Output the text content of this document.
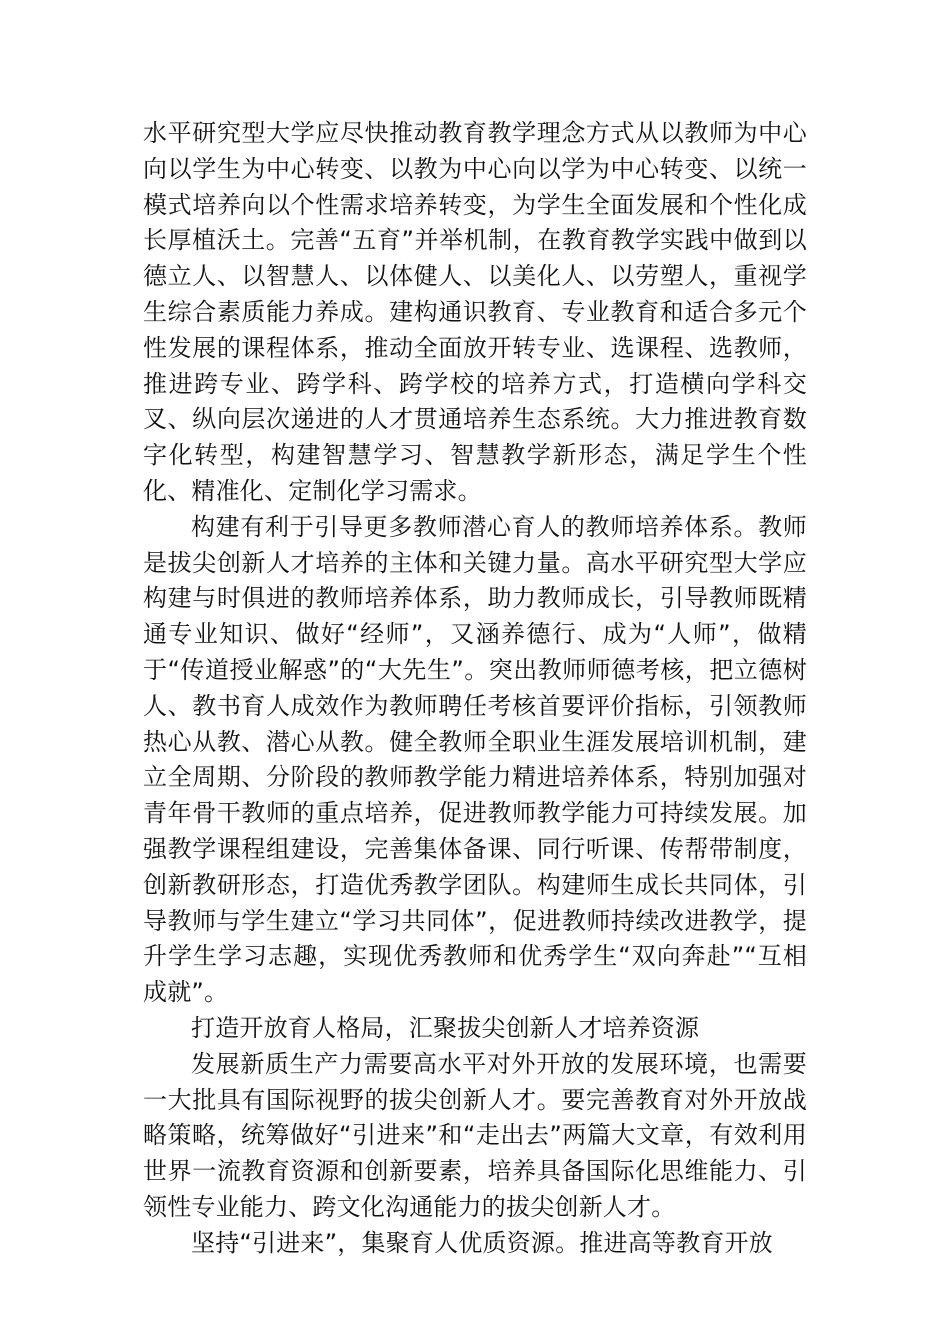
水平研究型大学应尽快推动教育教学理念方式从以教师为中心向以学生为中心转变、以教为中心向以学为中心转变、以统一模式培养向以个性需求培养转变，为学生全面发展和个性化成长厚植沃土。完善“五育”并举机制，在教育教学实践中做到以德立人、以智慧人、以体健人、以美化人、以劳塑人，重视学生综合素质能力养成。建构通识教育、专业教育和适合多元个性发展的课程体系，推动全面放开转专业、选课程、选教师，推进跨专业、跨学科、跨学校的培养方式，打造横向学科交叉、纵向层次递进的人才贯通培养生态系统。大力推进教育数字化转型，构建智慧学习、智慧教学新形态，满足学生个性化、精准化、定制化学习需求。

构建有利于引导更多教师潜心育人的教师培养体系。教师是拔尖创新人才培养的主体和关键力量。高水平研究型大学应构建与时俱进的教师培养体系，助力教师成长，引导教师既精通专业知识、做好“经师”，又涵养德行、成为“人师”，做精于“传道授业解惑”的“大先生”。突出教师师德考核，把立德树人、教书育人成效作为教师聘任考核首要评价指标，引领教师热心从教、潜心从教。健全教师全职业生涯发展培训机制，建立全周期、分阶段的教师教学能力精进培养体系，特别加强对青年骨干教师的重点培养，促进教师教学能力可持续发展。加强教学课程组建设，完善集体备课、同行听课、传帮带制度，创新教研形态，打造优秀教学团队。构建师生成长共同体，引导教师与学生建立“学习共同体”，促进教师持续改进教学，提升学生学习志趣，实现优秀教师和优秀学生“双向奔赴”“互相成就”。

打造开放育人格局，汇聚拔尖创新人才培养资源

发展新质生产力需要高水平对外开放的发展环境，也需要一大批具有国际视野的拔尖创新人才。要完善教育对外开放战略策略，统筹做好“引进来”和“走出去”两篇大文章，有效利用世界一流教育资源和创新要素，培养具备国际化思维能力、引领性专业能力、跨文化沟通能力的拔尖创新人才。

坚持“引进来”，集聚育人优质资源。推进高等教育开放
